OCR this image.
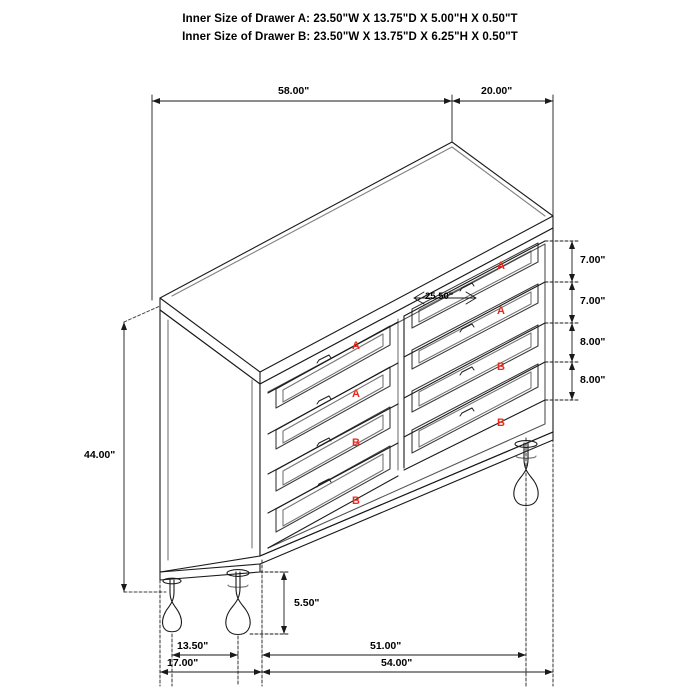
Inner Size of Drawer A: 23.50"W X 13.75"D X 5.00"H X 0.50"T
Inner Size of Drawer B: 23.50"W X 13.75"D X 6.25"H X 0.50"T
58.00"	20.00"
44.00"
25.50"
7.00"
7.00"
8.00"
8.00"
5.50"
13.50"
17.00"
51.00"
54.00"
A
A
B
B
A
A
B
B
